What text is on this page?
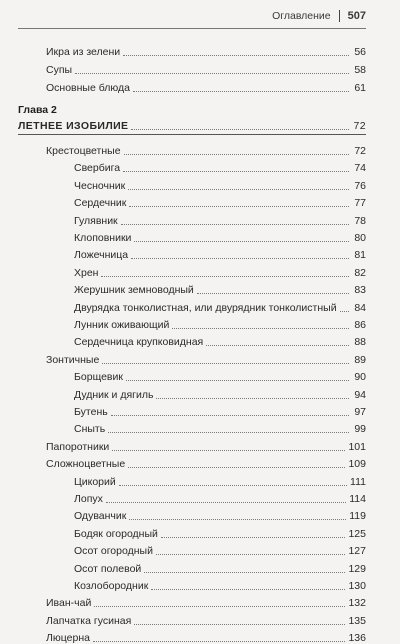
Оглавление 507
Икра из зелени	56
Супы	58
Основные блюда	61
Глава 2
ЛЕТНЕЕ ИЗОБИЛИЕ	72
Крестоцветные	72
Свербига	74
Чесночник	76
Сердечник	77
Гулявник	78
Клоповники	80
Ложечница	81
Хрен	82
Жерушник земноводный	83
Двурядка тонколистная, или двурядник тонколистный 84
Лунник оживающий	86
Сердечница крупковидная	88
Зонтичные	89
Борщевик	90
Дудник и дягиль	94
Бутень	97
Сныть	99
Папоротники	101
Сложноцветные	109
Цикорий	111
Лопух	114
Одуванчик	119
Бодяк огородный	125
Осот огородный	127
Осот полевой	129
Козлобородник	130
Иван-чай	132
Лапчатка гусиная	135
Люцерна	136
